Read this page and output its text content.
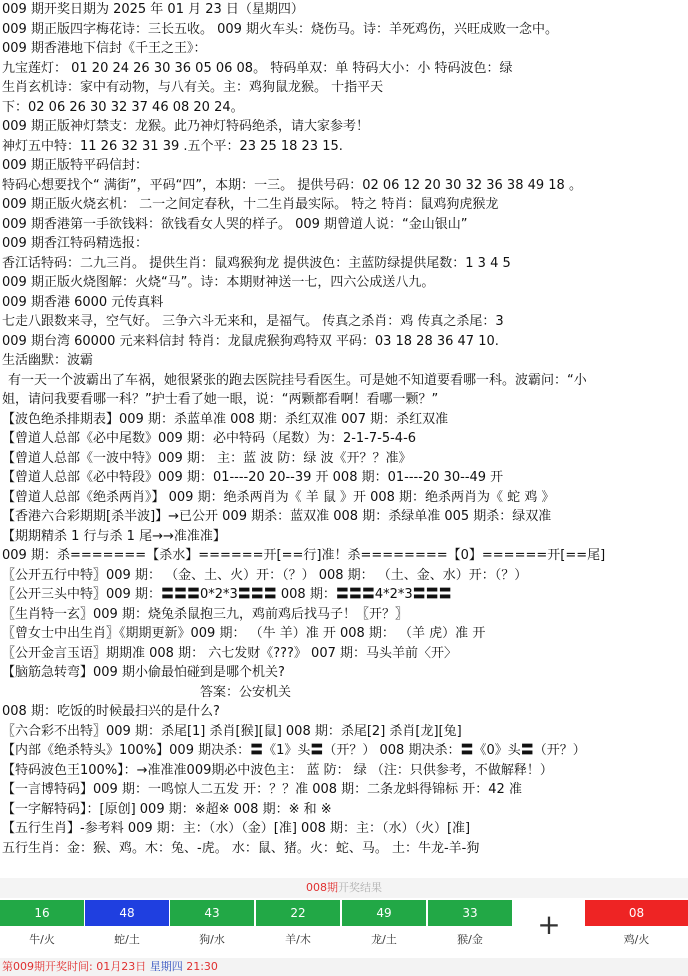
009 期开奖日期为 2025 年 01 月 23 日（星期四）
009 期正版四字梅花诗：三长五收。 009 期火车头：烧伤马。诗：羊死鸡伤，兴旺成败一念中。
009 期香港地下信封《千王之王》：
九宝莲灯： 01 20 24 26 30 36 05 06 08。 特码单双：单 特码大小：小 特码波色：绿
生肖玄机诗：家中有动物，与八有关。主：鸡狗鼠龙猴。 十指平天
下：02 06 26 30 32 37 46 08 20 24。
009 期正版神灯禁支：龙猴。此乃神灯特码绝杀，请大家参考！
神灯五中特：11 26 32 31 39 .五个平：23 25 18 23 15.
009 期正版特平码信封：
特码心想要找个“ 满街”，平码“四”，本期：一三。 提供号码：02 06 12 20 30 32 36 38 49 18 。
009 期正版火烧玄机： 二一之间定春秋，十二生肖最实际。 特之 特肖：鼠鸡狗虎猴龙
009 期香港第一手欲钱料：欲钱看女人哭的样子。 009 期曾道人说：“金山银山”
009 期香江特码精选报：
香江话特码：二九三肖。 提供生肖：鼠鸡猴狗龙 提供波色：主蓝防绿提供尾数：1 3 4 5
009 期正版火烧图解：火烧“马”。诗：本期财神送一七，四六公成送八九。
009 期香港 6000 元传真料
七走八跟数来寻，空气好。 三争六斗无来和，是福气。 传真之杀肖：鸡 传真之杀尾：3
009 期台湾 60000 元来料信封 特肖：龙鼠虎猴狗鸡特双 平码：03 18 28 36 47 10.
生活幽默：波霸
有一天一个波霸出了车祸，她很紧张的跑去医院挂号看医生。可是她不知道要看哪一科。波霸问：“小
姐，请问我要看哪一科？”护士看了她一眼，说：“两颗都看啊！看哪一颗？”
【波色绝杀排期表】009 期：杀蓝单准 008 期：杀红双准 007 期：杀红双准
【曾道人总部《必中尾数》009 期：必中特码（尾数）为：2-1-7-5-4-6
【曾道人总部《一波中特》009 期： 主：蓝 波 防：绿 波《开？？准》
【曾道人总部《必中特段》009 期：01----20 20--39 开 008 期：01----20 30--49 开
【曾道人总部《绝杀两肖》】 009 期：绝杀两肖为《 羊 鼠 》开 008 期：绝杀两肖为《 蛇 鸡 》
【香港六合彩期期[杀半波]】→已公开 009 期杀：蓝双准 008 期：杀绿单准 005 期杀：绿双准
【期期精杀 1 行与杀 1 尾→→准准准】
009 期：杀=======【杀水】======开[==行]准！杀========【0】======开[==尾]
〖公开五行中特〗009 期： （金、土、火）开：（？） 008 期： （土、金、水）开：（？）
〖公开三头中特〗009 期：〓〓〓0*2*3〓〓〓 008 期：〓〓〓4*2*3〓〓〓
〖生肖特一玄〗009 期：烧兔杀鼠抱三九，鸡前鸡后找马子！〖开？〗
〖曾女士中出生肖〗《期期更新》009 期： （牛 羊）准 开 008 期： （羊 虎）准 开
〖公开金言玉语〗期期准 008 期： 六七发财《???》 007 期：马头羊前〈开〉
【脑筋急转弯】009 期小偷最怕碰到是哪个机关?
答案：公安机关
008 期：吃饭的时候最扫兴的是什么?
〖六合彩不出特〗009 期：杀尾[1] 杀肖[猴][鼠] 008 期：杀尾[2] 杀肖[龙][兔]
【内部《绝杀特头》100%】009 期决杀：〓《1》头〓（开？） 008 期决杀：〓《0》头〓（开？）
【特码波色王100%】：→准准准009期必中波色主： 蓝 防： 绿 （注：只供参考，不做解释！）
【一言博特码】009 期：一鸣惊人二五发 开：？？准 008 期：二条龙蚪得锦标 开：42 准
【一字解特码】：[原创] 009 期：※超※ 008 期：※ 和 ※
【五行生肖】-参考料 009 期：主：（水）（金）[准] 008 期：主：（水）（火）[准]
五行生肖：金：猴、鸡。木：兔、-虎。 水：鼠、猪。火：蛇、马。 土：牛龙-羊-狗
008期开奖结果
16
牛/火
48
蛇/土
43
狗/水
22
羊/木
49
龙/土
33
猴/金	+	08
鸡/火
第009期开奖时间: 01月23日 星期四 21:30
